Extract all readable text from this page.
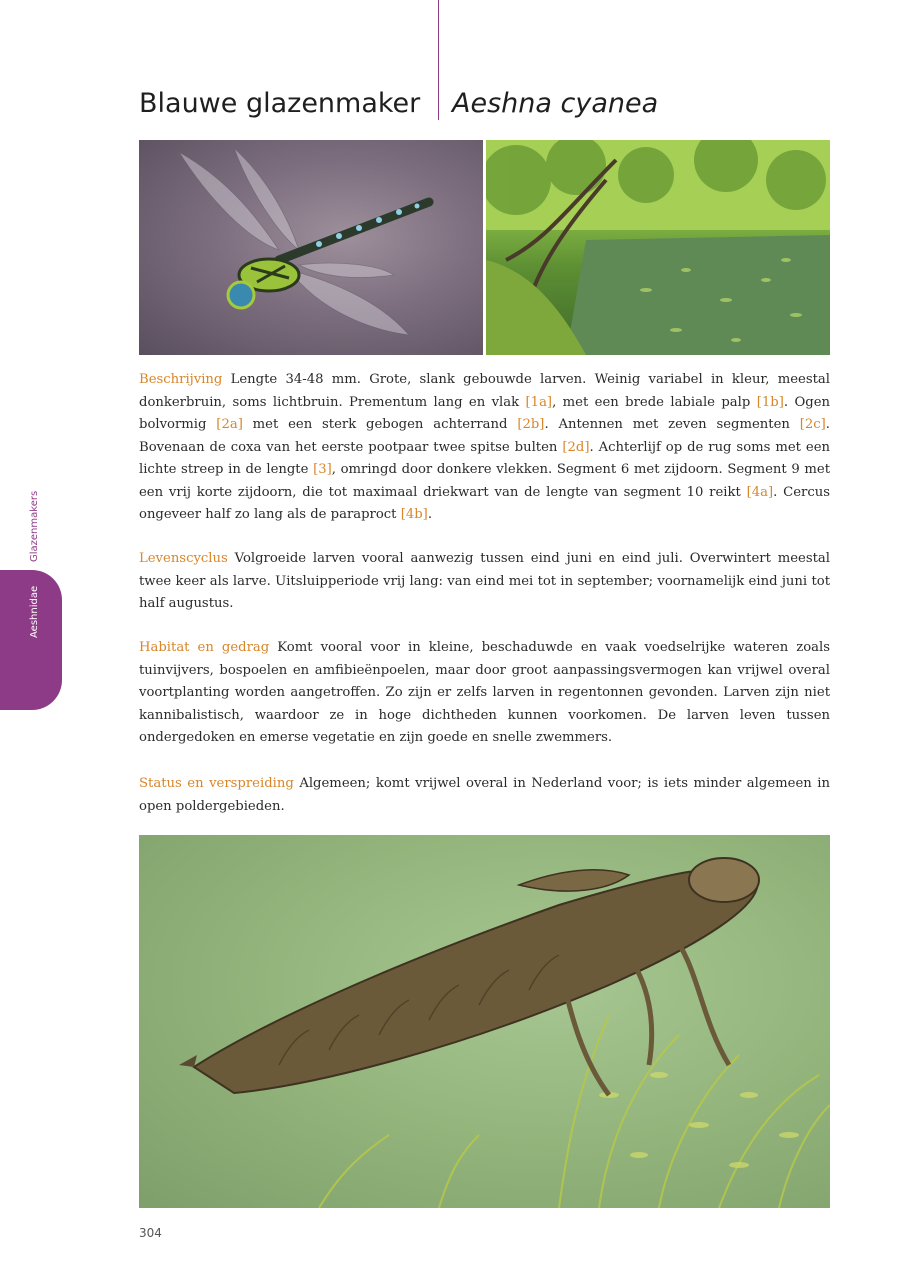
Blauwe glazenmaker Aeshna cyanea
Beschrijving Lengte 34-48 mm. Grote, slank gebouwde larven. Weinig variabel in kleur, meestal donkerbruin, soms lichtbruin. Prementum lang en vlak [1a], met een brede labiale palp [1b]. Ogen bolvormig [2a] met een sterk gebogen achterrand [2b]. Antennen met zeven segmenten [2c]. Bovenaan de coxa van het eerste pootpaar twee spitse bulten [2d]. Achterlijf op de rug soms met een lichte streep in de lengte [3], omringd door donkere vlekken. Segment 6 met zijdoorn. Segment 9 met een vrij korte zijdoorn, die tot maximaal driekwart van de lengte van segment 10 reikt [4a]. Cercus ongeveer half zo lang als de paraproct [4b].
Levenscyclus Volgroeide larven vooral aanwezig tussen eind juni en eind juli. Overwintert meestal twee keer als larve. Uitsluipperiode vrij lang: van eind mei tot in september; voornamelijk eind juni tot half augustus.
Habitat en gedrag Komt vooral voor in kleine, beschaduwde en vaak voedselrijke wateren zoals tuinvijvers, bospoelen en amfibieënpoelen, maar door groot aanpassingsvermogen kan vrijwel overal voortplanting worden aangetroffen. Zo zijn er zelfs larven in regentonnen gevonden. Larven zijn niet kannibalistisch, waardoor ze in hoge dichtheden kunnen voorkomen. De larven leven tussen ondergedoken en emerse vegetatie en zijn goede en snelle zwemmers.
Status en verspreiding Algemeen; komt vrijwel overal in Nederland voor; is iets minder algemeen in open poldergebieden.
Aeshnidae
Glazenmakers
304
